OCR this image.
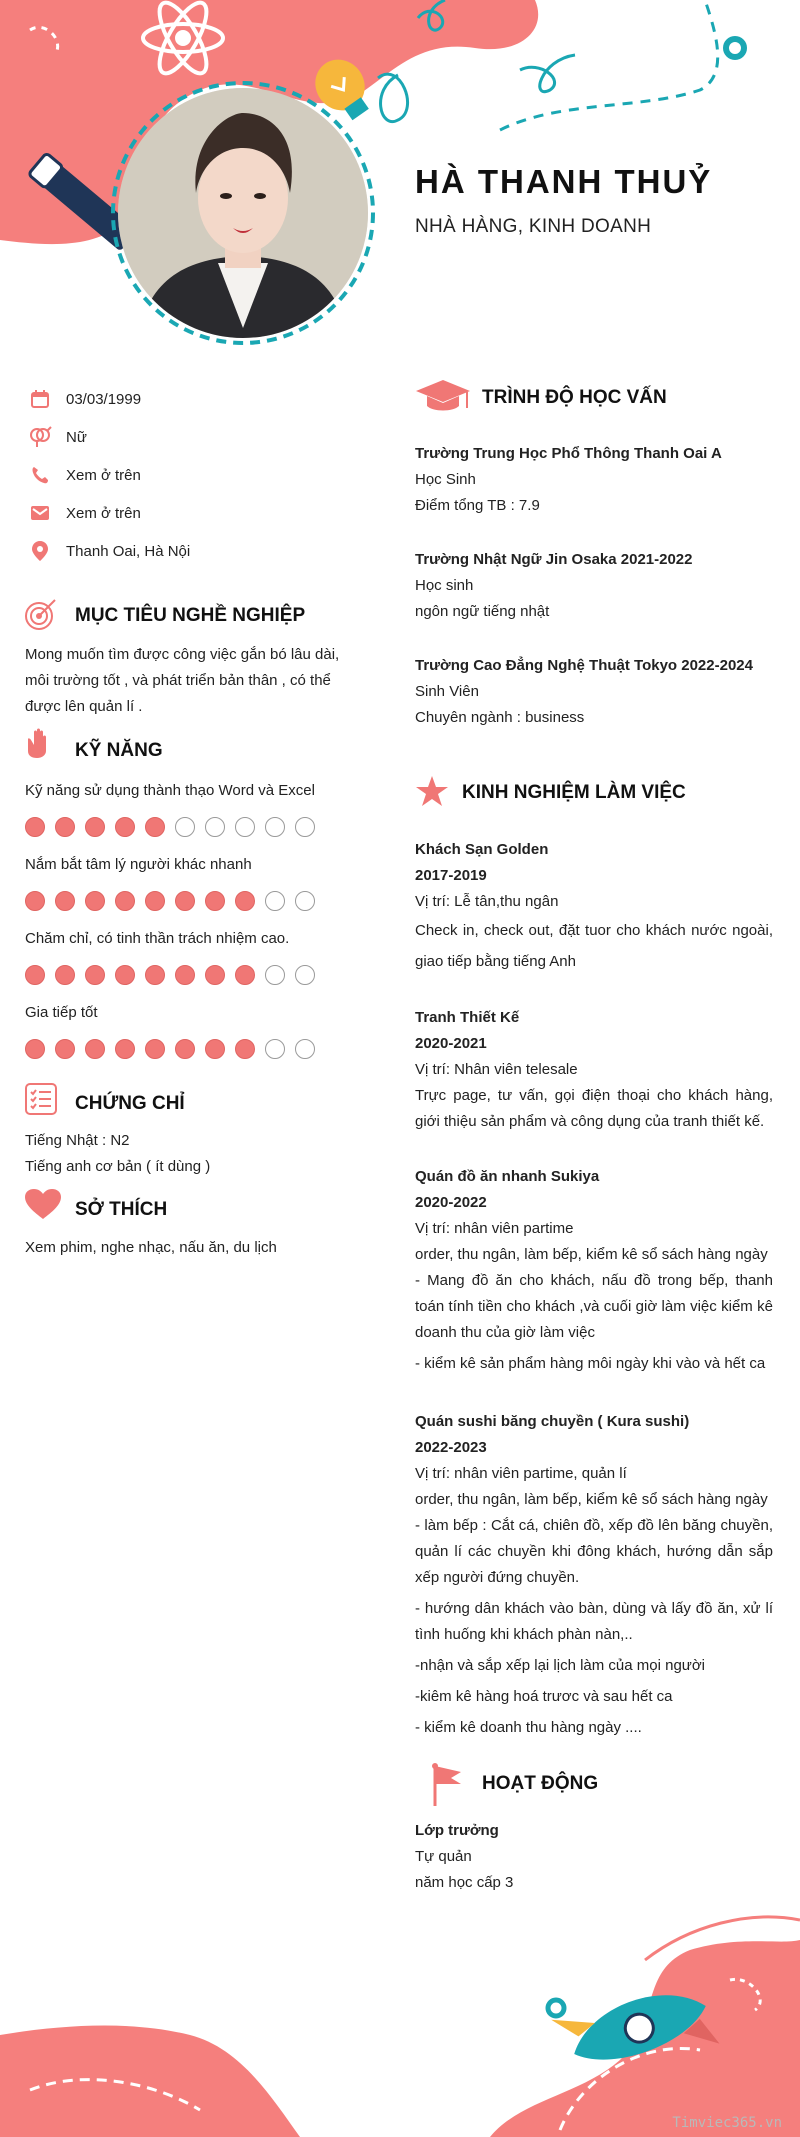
HÀ THANH THUỶ
NHÀ HÀNG, KINH DOANH
03/03/1999
Nữ
Xem ở trên
Xem ở trên
Thanh Oai, Hà Nội
MỤC TIÊU NGHỀ NGHIỆP
Mong muốn tìm được công việc gắn bó lâu dài,
môi trường tốt , và phát triển bản thân , có thể
được lên quản lí .
KỸ NĂNG
Kỹ năng sử dụng thành thạo Word và Excel
Nắm bắt tâm lý người khác nhanh
Chăm chỉ, có tinh thần trách nhiệm cao.
Gia tiếp tốt
CHỨNG CHỈ
Tiếng Nhật : N2
Tiếng anh cơ bản ( ít dùng )
SỞ THÍCH
Xem phim, nghe nhạc, nấu ăn, du lịch
TRÌNH ĐỘ HỌC VẤN
Trường Trung Học Phổ Thông Thanh Oai A
Học Sinh
Điểm tổng TB : 7.9
Trường Nhật Ngữ Jin Osaka 2021-2022
Học sinh
ngôn ngữ tiếng nhật
Trường Cao Đẳng Nghệ Thuật Tokyo 2022-2024
Sinh Viên
Chuyên ngành : business
KINH NGHIỆM LÀM VIỆC
Khách Sạn Golden
2017-2019
Vị trí: Lễ tân,thu ngân
Check in, check out, đặt tuor cho khách nước ngoài, giao tiếp bằng tiếng Anh
Tranh Thiết Kế
2020-2021
Vị trí: Nhân viên telesale
Trực page, tư vấn, gọi điện thoại cho khách hàng, giới thiệu sản phẩm và công dụng của tranh thiết kế.
Quán đồ ăn nhanh Sukiya
2020-2022
Vị trí: nhân viên partime
order, thu ngân, làm bếp, kiểm kê sổ sách hàng ngày
- Mang đồ ăn cho khách, nấu đồ trong bếp, thanh toán tính tiền cho khách ,và cuối giờ làm việc kiểm kê doanh thu của giờ làm việc
- kiểm kê sản phẩm hàng môi ngày khi vào và hết ca
Quán sushi băng chuyền ( Kura sushi)
2022-2023
Vị trí: nhân viên partime, quản lí
order, thu ngân, làm bếp, kiểm kê sổ sách hàng ngày
- làm bếp : Cắt cá, chiên đồ, xếp đồ lên băng chuyền, quản lí các chuyền khi đông khách, hướng dẫn sắp xếp người đứng chuyền.
- hướng dân khách vào bàn, dùng và lấy đồ ăn, xử lí tình huống khi khách phàn nàn,..
-nhận và sắp xếp lại lịch làm của mọi người
-kiêm kê hàng hoá trươc và sau hết ca
- kiểm kê doanh thu hàng ngày ....
HOẠT ĐỘNG
Lớp trưởng
Tự quản
năm học cấp 3
Timviec365.vn
